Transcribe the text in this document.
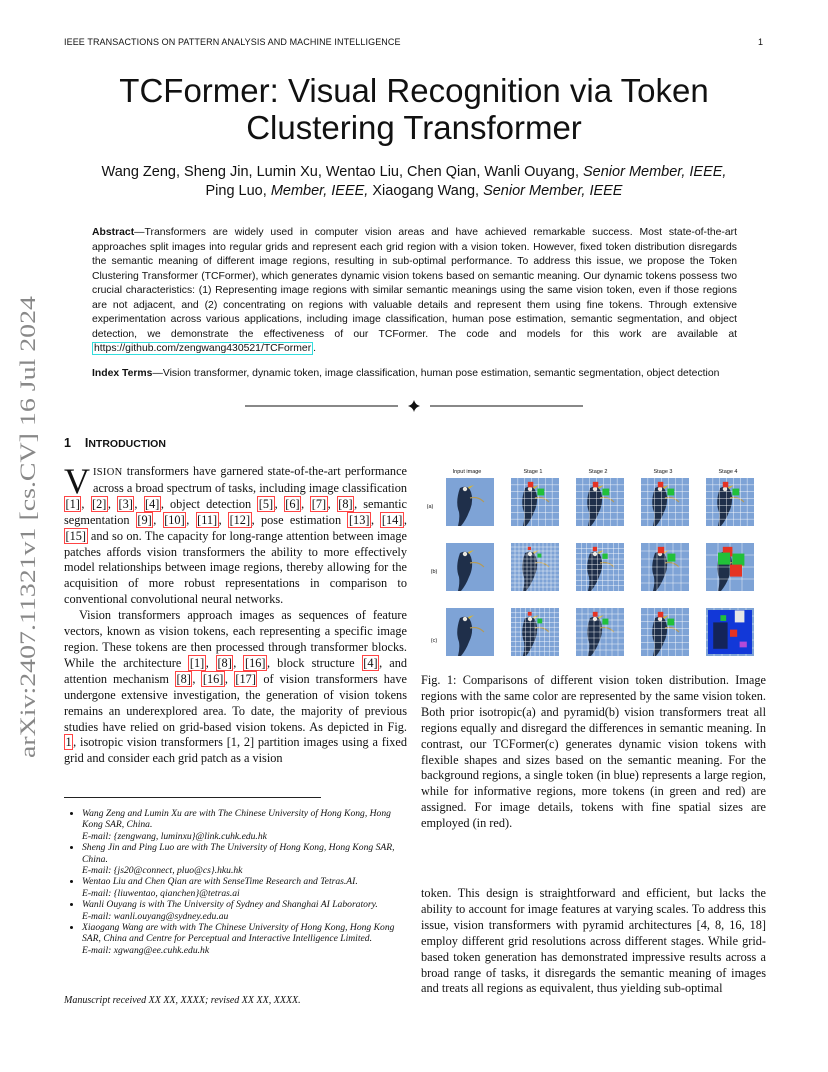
IEEE TRANSACTIONS ON PATTERN ANALYSIS AND MACHINE INTELLIGENCE	1
TCFormer: Visual Recognition via Token
Clustering Transformer
Wang Zeng, Sheng Jin, Lumin Xu, Wentao Liu, Chen Qian, Wanli Ouyang, Senior Member, IEEE,
Ping Luo, Member, IEEE, Xiaogang Wang, Senior Member, IEEE
Abstract—Transformers are widely used in computer vision areas and have achieved remarkable success. Most state-of-the-art approaches split images into regular grids and represent each grid region with a vision token. However, fixed token distribution disregards the semantic meaning of different image regions, resulting in sub-optimal performance. To address this issue, we propose the Token Clustering Transformer (TCFormer), which generates dynamic vision tokens based on semantic meaning. Our dynamic tokens possess two crucial characteristics: (1) Representing image regions with similar semantic meanings using the same vision token, even if those regions are not adjacent, and (2) concentrating on regions with valuable details and represent them using fine tokens. Through extensive experimentation across various applications, including image classification, human pose estimation, semantic segmentation, and object detection, we demonstrate the effectiveness of our TCFormer. The code and models for this work are available at https://github.com/zengwang430521/TCFormer .
Index Terms—Vision transformer, dynamic token, image classification, human pose estimation, semantic segmentation, object detection
1 INTRODUCTION

VISION transformers have garnered state-of-the-art performance across a broad spectrum of tasks, including image classification [1] , [2] , [3] , [4] , object detection [5] , [6] , [7] , [8] , semantic segmentation [9] , [10] , [11] , [12] , pose estimation [13] , [14] , [15] and so on. The capacity for long-range attention between image patches affords vision transformers the ability to more effectively model relationships between image regions, thereby allowing for the acquisition of more robust representations in comparison to conventional convolutional neural networks.

Vision transformers approach images as sequences of feature vectors, known as vision tokens, each representing a specific image region. These tokens are then processed through transformer blocks. While the architecture [1] , [8] , [16] , block structure [4] , and attention mechanism [8] , [16] , [17] of vision transformers have undergone extensive investigation, the generation of vision tokens remains an underexplored area. To date, the majority of previous studies have relied on grid-based vision tokens. As depicted in Fig. 1 , isotropic vision transformers [1, 2] partition images using a fixed grid and consider each grid patch as a vision

• Wang Zeng and Lumin Xu are with The Chinese University of Hong Kong, Hong Kong SAR, China.
E-mail: {zengwang, luminxu}@link.cuhk.edu.hk
• Sheng Jin and Ping Luo are with The University of Hong Kong, Hong Kong SAR, China.
E-mail: {js20@connect, pluo@cs}.hku.hk
• Wentao Liu and Chen Qian are with SenseTime Research and Tetras.AI.
E-mail: {liuwentao, qianchen}@tetras.ai
• Wanli Ouyang is with The University of Sydney and Shanghai AI Laboratory.
E-mail: wanli.ouyang@sydney.edu.au
• Xiaogang Wang are with with The Chinese University of Hong Kong, Hong Kong SAR, China and Centre for Perceptual and Interactive Intelligence Limited.
E-mail: xgwang@ee.cuhk.edu.hk
Manuscript received XX XX, XXXX; revised XX XX, XXXX.
Input image	Stage 1	Stage 2	Stage 3	Stage 4
(a)
(b)
(c)
Fig. 1: Comparisons of different vision token distribution. Image regions with the same color are represented by the same vision token. Both prior isotropic(a) and pyramid(b) vision transformers treat all regions equally and disregard the differences in semantic meaning. In contrast, our TCFormer(c) generates dynamic vision tokens with flexible shapes and sizes based on the semantic meaning. For the background regions, a single token (in blue) represents a large region, while for informative regions, more tokens (in green and red) are assigned. For image details, tokens with fine spatial sizes are employed (in red).
token. This design is straightforward and efficient, but lacks the ability to account for image features at varying scales. To address this issue, vision transformers with pyramid architectures [4, 8, 16, 18] employ different grid resolutions across different stages. While grid-based token generation has demonstrated impressive results across a broad range of tasks, it disregards the semantic meaning of images and treats all regions as equivalent, thus yielding sub-optimal
arXiv:2407.11321v1 [cs.CV] 16 Jul 2024
